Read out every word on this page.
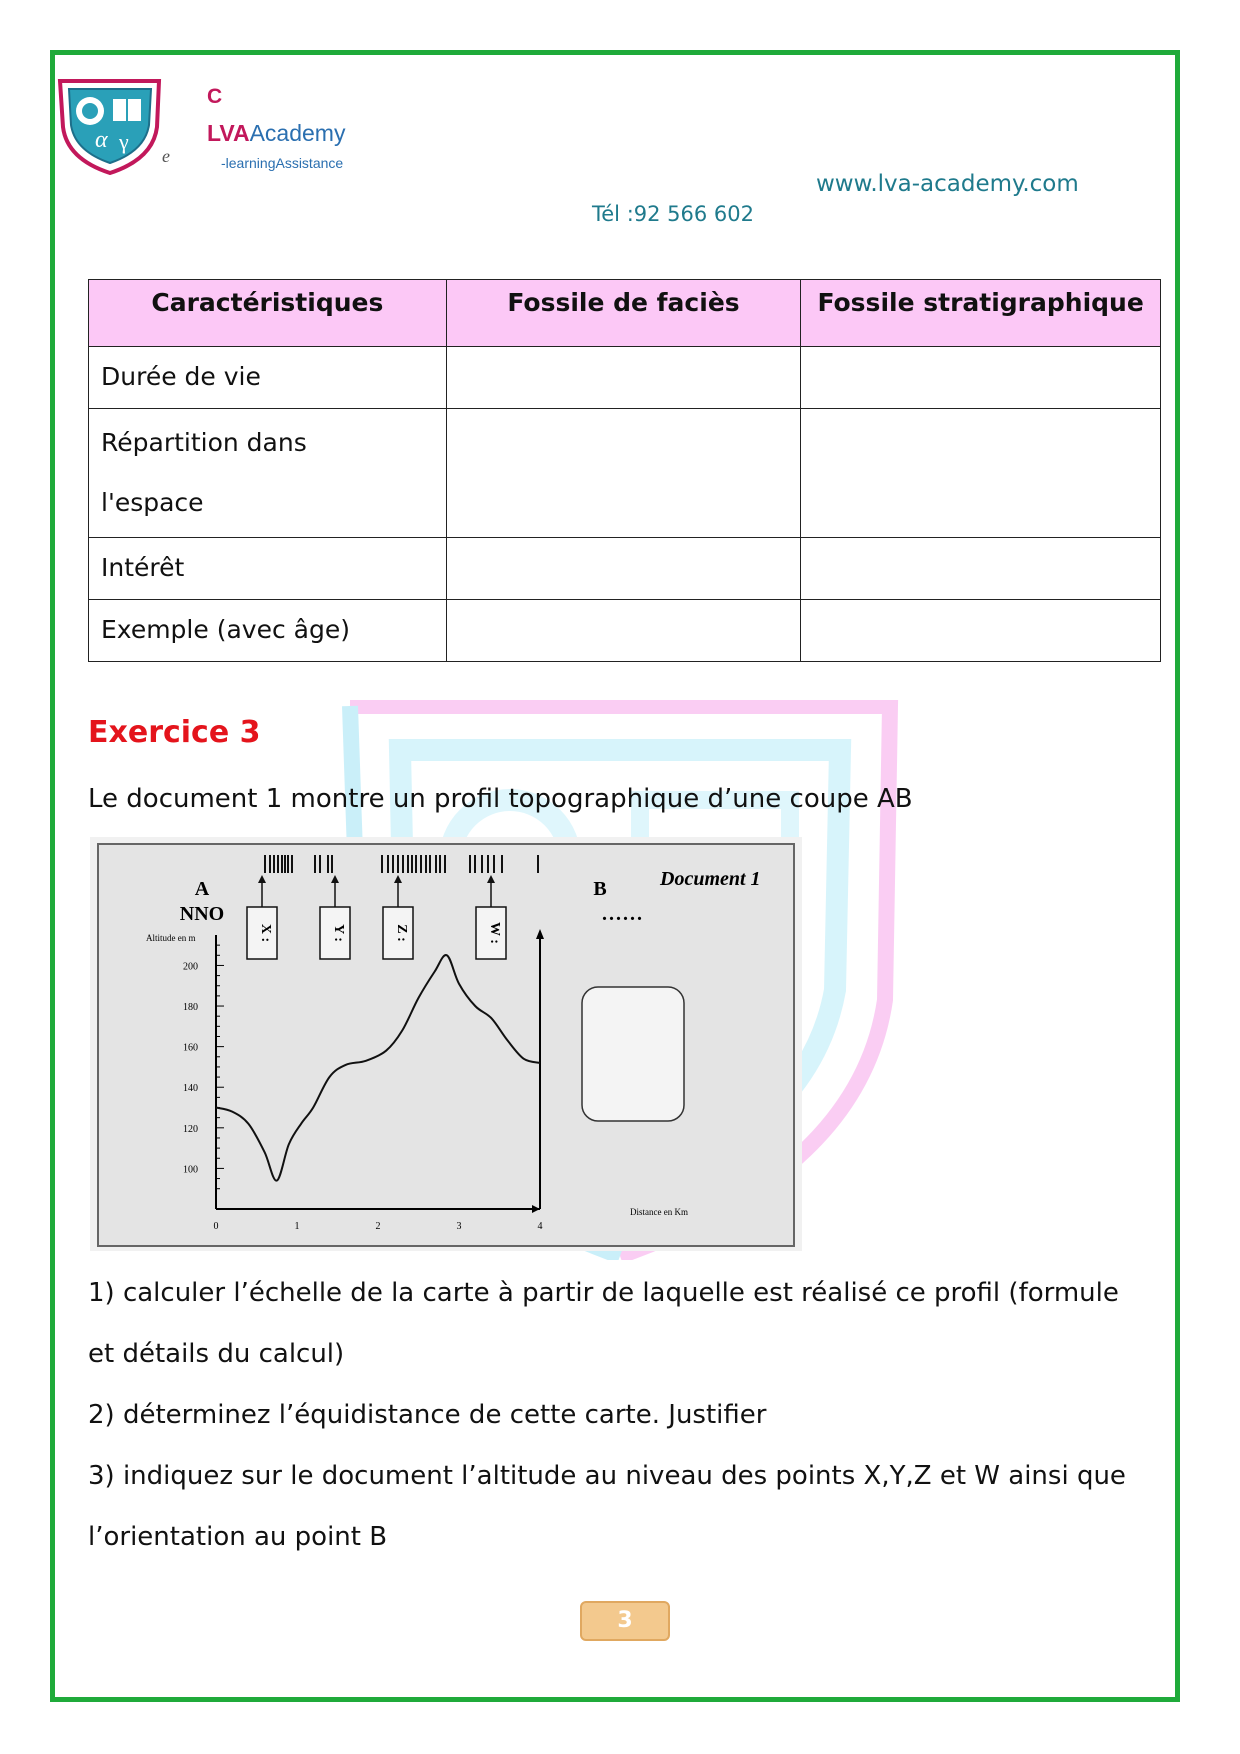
α γ
C
LVAAcademy
e	-learningAssistance
www.lva-academy.com
Tél :92 566 602
Caractéristiques	Fossile de faciès	Fossile stratigraphique
Durée de vie		
Répartition dans
l'espace		
Intérêt		
Exemple (avec âge)		
Exercice 3
Le document 1 montre un profil topographique d’une coupe AB
A
NNO
B
......
Document 1
X :	Y :	Z :	W :
Altitude en m
Distance en Km
200
180
160
140
120
100
0	1	2	3	4
1) calculer l’échelle de la carte à partir de laquelle est réalisé ce profil (formule
et détails du calcul)
2) déterminez l’équidistance de cette carte. Justifier
3) indiquez sur le document l’altitude au niveau des points X,Y,Z et W ainsi que
l’orientation au point B
3
